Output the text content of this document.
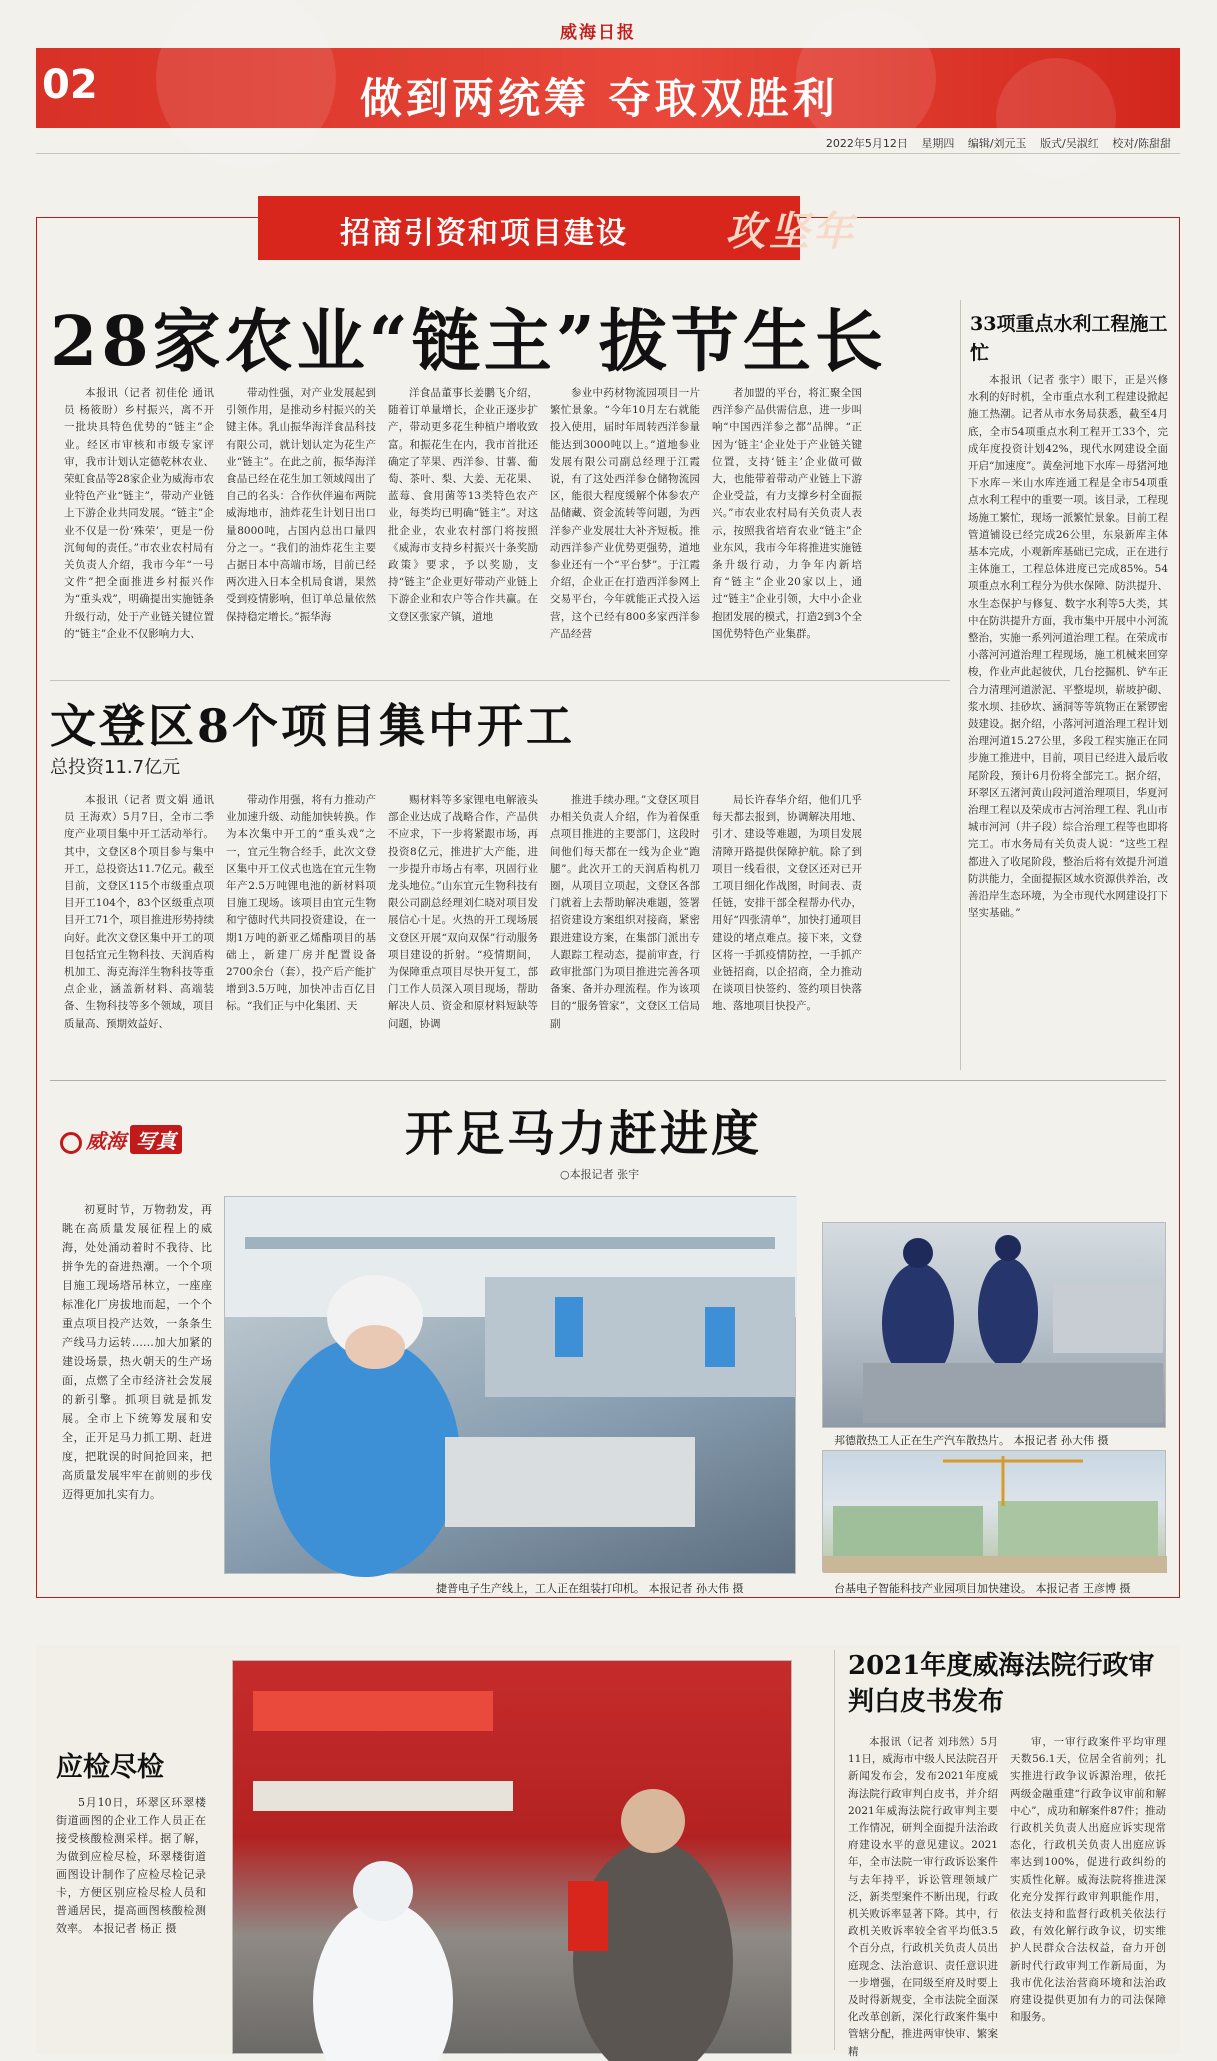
威海日报
02	做到两统筹 夺取双胜利
2022年5月12日 星期四 编辑/刘元玉 版式/吴淑红 校对/陈甜甜
招商引资和项目建设 攻坚年
28家农业“链主”拔节生长

本报讯（记者 初佳伦 通讯员 杨筱盼）乡村振兴，离不开一批块具特色优势的“链主”企业。经区市审核和市级专家评审，我市计划认定德乾林农业、荣虹食品等28家企业为威海市农业特色产业“链主”，带动产业链上下游企业共同发展。“链主”企业不仅是一份‘殊荣’，更是一份沉甸甸的责任。”市农业农村局有关负责人介绍，我市今年“一号文件”把全面推进乡村振兴作为“重头戏”，明确提出实施链条升级行动，处于产业链关键位置的“链主”企业不仅影响力大、

带动性强，对产业发展起到引领作用，是推动乡村振兴的关键主体。乳山振华海洋食品科技有限公司，就计划认定为花生产业“链主”。在此之前，振华海洋食品已经在花生加工领域闯出了自己的名头：合作伙伴遍布两院威海地市，油炸花生计划日出口量8000吨，占国内总出口量四分之一。“我们的油炸花生主要占据日本中高端市场，目前已经两次进入日本全机局食谱，果然受到疫情影响，但订单总量依然保持稳定增长。”振华海

洋食品董事长姜鹏飞介绍，随着订单量增长，企业正逐步扩产，带动更多花生种植户增收致富。和振花生在内，我市首批还确定了苹果、西洋参、甘薯、葡萄、茶叶、梨、大姜、无花果、蓝莓、食用菌等13类特色农产业，每类均已明确“链主”。对这批企业，农业农村部门将按照《威海市支持乡村振兴十条奖励政策》要求，予以奖励，支持“链主”企业更好带动产业链上下游企业和农户等合作共赢。在文登区张家产镇，道地

参业中药材物流园项目一片繁忙景象。“今年10月左右就能投入使用，届时年周转西洋参量能达到3000吨以上。”道地参业发展有限公司副总经理于江霞说，有了这处西洋参仓储物流园区，能很大程度缓解个体参农产品储藏、资金流转等问题，为西洋参产业发展壮大补齐短板。推动西洋参产业优势更强势，道地参业还有一个“平台梦”。于江霞介绍，企业正在打造西洋参网上交易平台，今年就能正式投入运营，这个已经有800多家西洋参产品经营

者加盟的平台，将汇聚全国西洋参产品供需信息，进一步叫响“中国西洋参之都”品牌。“正因为‘链主’企业处于产业链关键位置，支持‘链主’企业做可做大，也能带着带动产业链上下游企业受益，有力支撑乡村全面振兴。”市农业农村局有关负责人表示，按照我省培育农业“链主”企业东风，我市今年将推进实施链条升级行动，力争年内新培育“链主”企业20家以上，通过“链主”企业引领，大中小企业抱团发展的模式，打造2到3个全国优势特色产业集群。

33项重点水利工程施工忙

本报讯（记者 张宇）眼下，正是兴修水利的好时机，全市重点水利工程建设掀起施工热潮。记者从市水务局获悉，截至4月底，全市54项重点水利工程开工33个，完成年度投资计划42%，现代水网建设全面开启“加速度”。黄垒河地下水库－母猪河地下水库－米山水库连通工程是全市54项重点水利工程中的重要一项。该目录，工程现场施工繁忙，现场一派繁忙景象。目前工程管道铺设已经完成26公里，东泉新库主体基本完成，小观新库基础已完成，正在进行主体施工，工程总体进度已完成85%。54项重点水利工程分为供水保障、防洪提升、水生态保护与修复、数字水利等5大类，其中在防洪提升方面，我市集中开展中小河流整治，实施一系列河道治理工程。在荣成市小落河河道治理工程现场，施工机械来回穿梭，作业声此起彼伏，几台挖掘机、铲车正合力清理河道淤泥、平整堤坝，崭坡护砌、浆水坝、挂砂坎、涵洞等等筑物正在紧锣密鼓建设。据介绍，小落河河道治理工程计划治理河道15.27公里，多段工程实施正在同步施工推进中，目前，项目已经进入最后收尾阶段，预计6月份将全部完工。据介绍，环翠区五渚河黄山段河道治理项目，华夏河治理工程以及荣成市古河治理工程、乳山市城市河河（井子段）综合治理工程等也即将完工。市水务局有关负责人说：“这些工程都进入了收尾阶段，整治后将有效提升河道防洪能力，全面提振区域水资源供养治，改善沿岸生态环境，为全市现代水网建设打下坚实基础。”

文登区8个项目集中开工
总投资11.7亿元

本报讯（记者 贾文娟 通讯员 王海欢）5月7日，全市二季度产业项目集中开工活动举行。其中，文登区8个项目参与集中开工，总投资达11.7亿元。截至目前，文登区115个市级重点项目开工104个，83个区级重点项目开工71个，项目推进形势持续向好。此次文登区集中开工的项目包括宜元生物科技、天润盾构机加工、海克海洋生物科技等重点企业，涵盖新材料、高端装备、生物科技等多个领域，项目质量高、预期效益好、

带动作用强，将有力推动产业加速升级、动能加快转换。作为本次集中开工的“重头戏”之一，宜元生物合经手，此次文登区集中开工仪式也选在宜元生物年产2.5万吨锂电池的新材料项目施工现场。该项目由宜元生物和宁德时代共同投资建设，在一期1万吨的新亚乙烯酯项目的基础上，新建厂房并配置设备2700余台（套），投产后产能扩增到3.5万吨，加快冲击百亿目标。“我们正与中化集团、天

赐材料等多家锂电电解液头部企业达成了战略合作，产品供不应求，下一步将紧跟市场，再投资8亿元，推进扩大产能，进一步提升市场占有率，巩固行业龙头地位。”山东宜元生物科技有限公司副总经理刘仁晓对项目发展信心十足。火热的开工现场展文登区开展“双向双保”行动服务项目建设的折射。“疫情期间，为保障重点项目尽快开复工，部门工作人员深入项目现场，帮助解决人员、资金和原材料短缺等问题，协调

推进手续办理。”文登区项目办相关负责人介绍，作为着保重点项目推进的主要部门，这段时间他们每天都在一线为企业“跑腿”。此次开工的天润盾构机刀圈，从项目立项起，文登区各部门就着上去帮助解决难题，签署招资建设方案组织对接商，紧密跟进建设方案，在集部门派出专人跟踪工程动态，提前审查，行政审批部门为项目推进完善各项备案、备并办理流程。作为该项目的“服务管家”，文登区工信局副

局长许春华介绍，他们几乎每天都去报到，协调解决用地、引才、建设等难题，为项目发展清障开路提供保障护航。除了到项目一线看很，文登区还对已开工项目细化作战图，时间表、责任链，安排干部全程帮办代办，用好“四张清单”，加快打通项目建设的堵点难点。接下来，文登区将一手抓疫情防控，一手抓产业链招商，以企招商，全力推动在谈项目快签约、签约项目快落地、落地项目快投产。

威海 写真	开足马力赶进度
○本报记者 张宇

初夏时节，万物勃发，再眺在高质量发展征程上的威海，处处涌动着时不我待、比拼争先的奋进热潮。一个个项目施工现场塔吊林立，一座座标准化厂房拔地而起，一个个重点项目投产达效，一条条生产线马力运转……加大加紧的建设场景，热火朝天的生产场面，点燃了全市经济社会发展的新引擎。抓项目就是抓发展。全市上下统筹发展和安全，正开足马力抓工期、赶进度，把耽误的时间抢回来，把高质量发展牢牢在前则的步伐迈得更加扎实有力。

捷普电子生产线上，工人正在组装打印机。 本报记者 孙大伟 摄
邦德散热工人正在生产汽车散热片。 本报记者 孙大伟 摄
台基电子智能科技产业园项目加快建设。 本报记者 王彦博 摄
应检尽检

5月10日，环翠区环翠楼街道画图的企业工作人员正在接受核酸检测采样。据了解，为做到应检尽检，环翠楼街道画图设计制作了应检尽检记录卡，方便区别应检尽检人员和普通居民，提高画图核酸检测效率。 本报记者 杨正 摄

2021年度威海法院行政审判白皮书发布

本报讯（记者 刘玮然）5月11日，威海市中级人民法院召开新闻发布会，发布2021年度威海法院行政审判白皮书，并介绍2021年威海法院行政审判主要工作情况，研判全面提升法治政府建设水平的意见建议。2021年，全市法院一审行政诉讼案件与去年持平，诉讼管理领域广泛，新类型案件不断出现，行政机关败诉率显著下降。其中，行政机关败诉率较全省平均低3.5个百分点，行政机关负责人员出庭现念、法治意识、责任意识进一步增强，在同级至府及时要上及时得新规变，全市法院全面深化改革创新，深化行政案件集中管辖分配，推进两审快审、繁案精

审，一审行政案件平均审理天数56.1天，位居全省前列；扎实推进行政争议诉源治理，依托两级金融重建“行政争议审前和解中心”，成功和解案件87件；推动行政机关负责人出庭应诉实现常态化，行政机关负责人出庭应诉率达到100%，促进行政纠纷的实质性化解。威海法院将推进深化充分发挥行政审判职能作用，依法支持和监督行政机关依法行政，有效化解行政争议，切实维护人民群众合法权益，奋力开创新时代行政审判工作新局面，为我市优化法治营商环境和法治政府建设提供更加有力的司法保障和服务。
